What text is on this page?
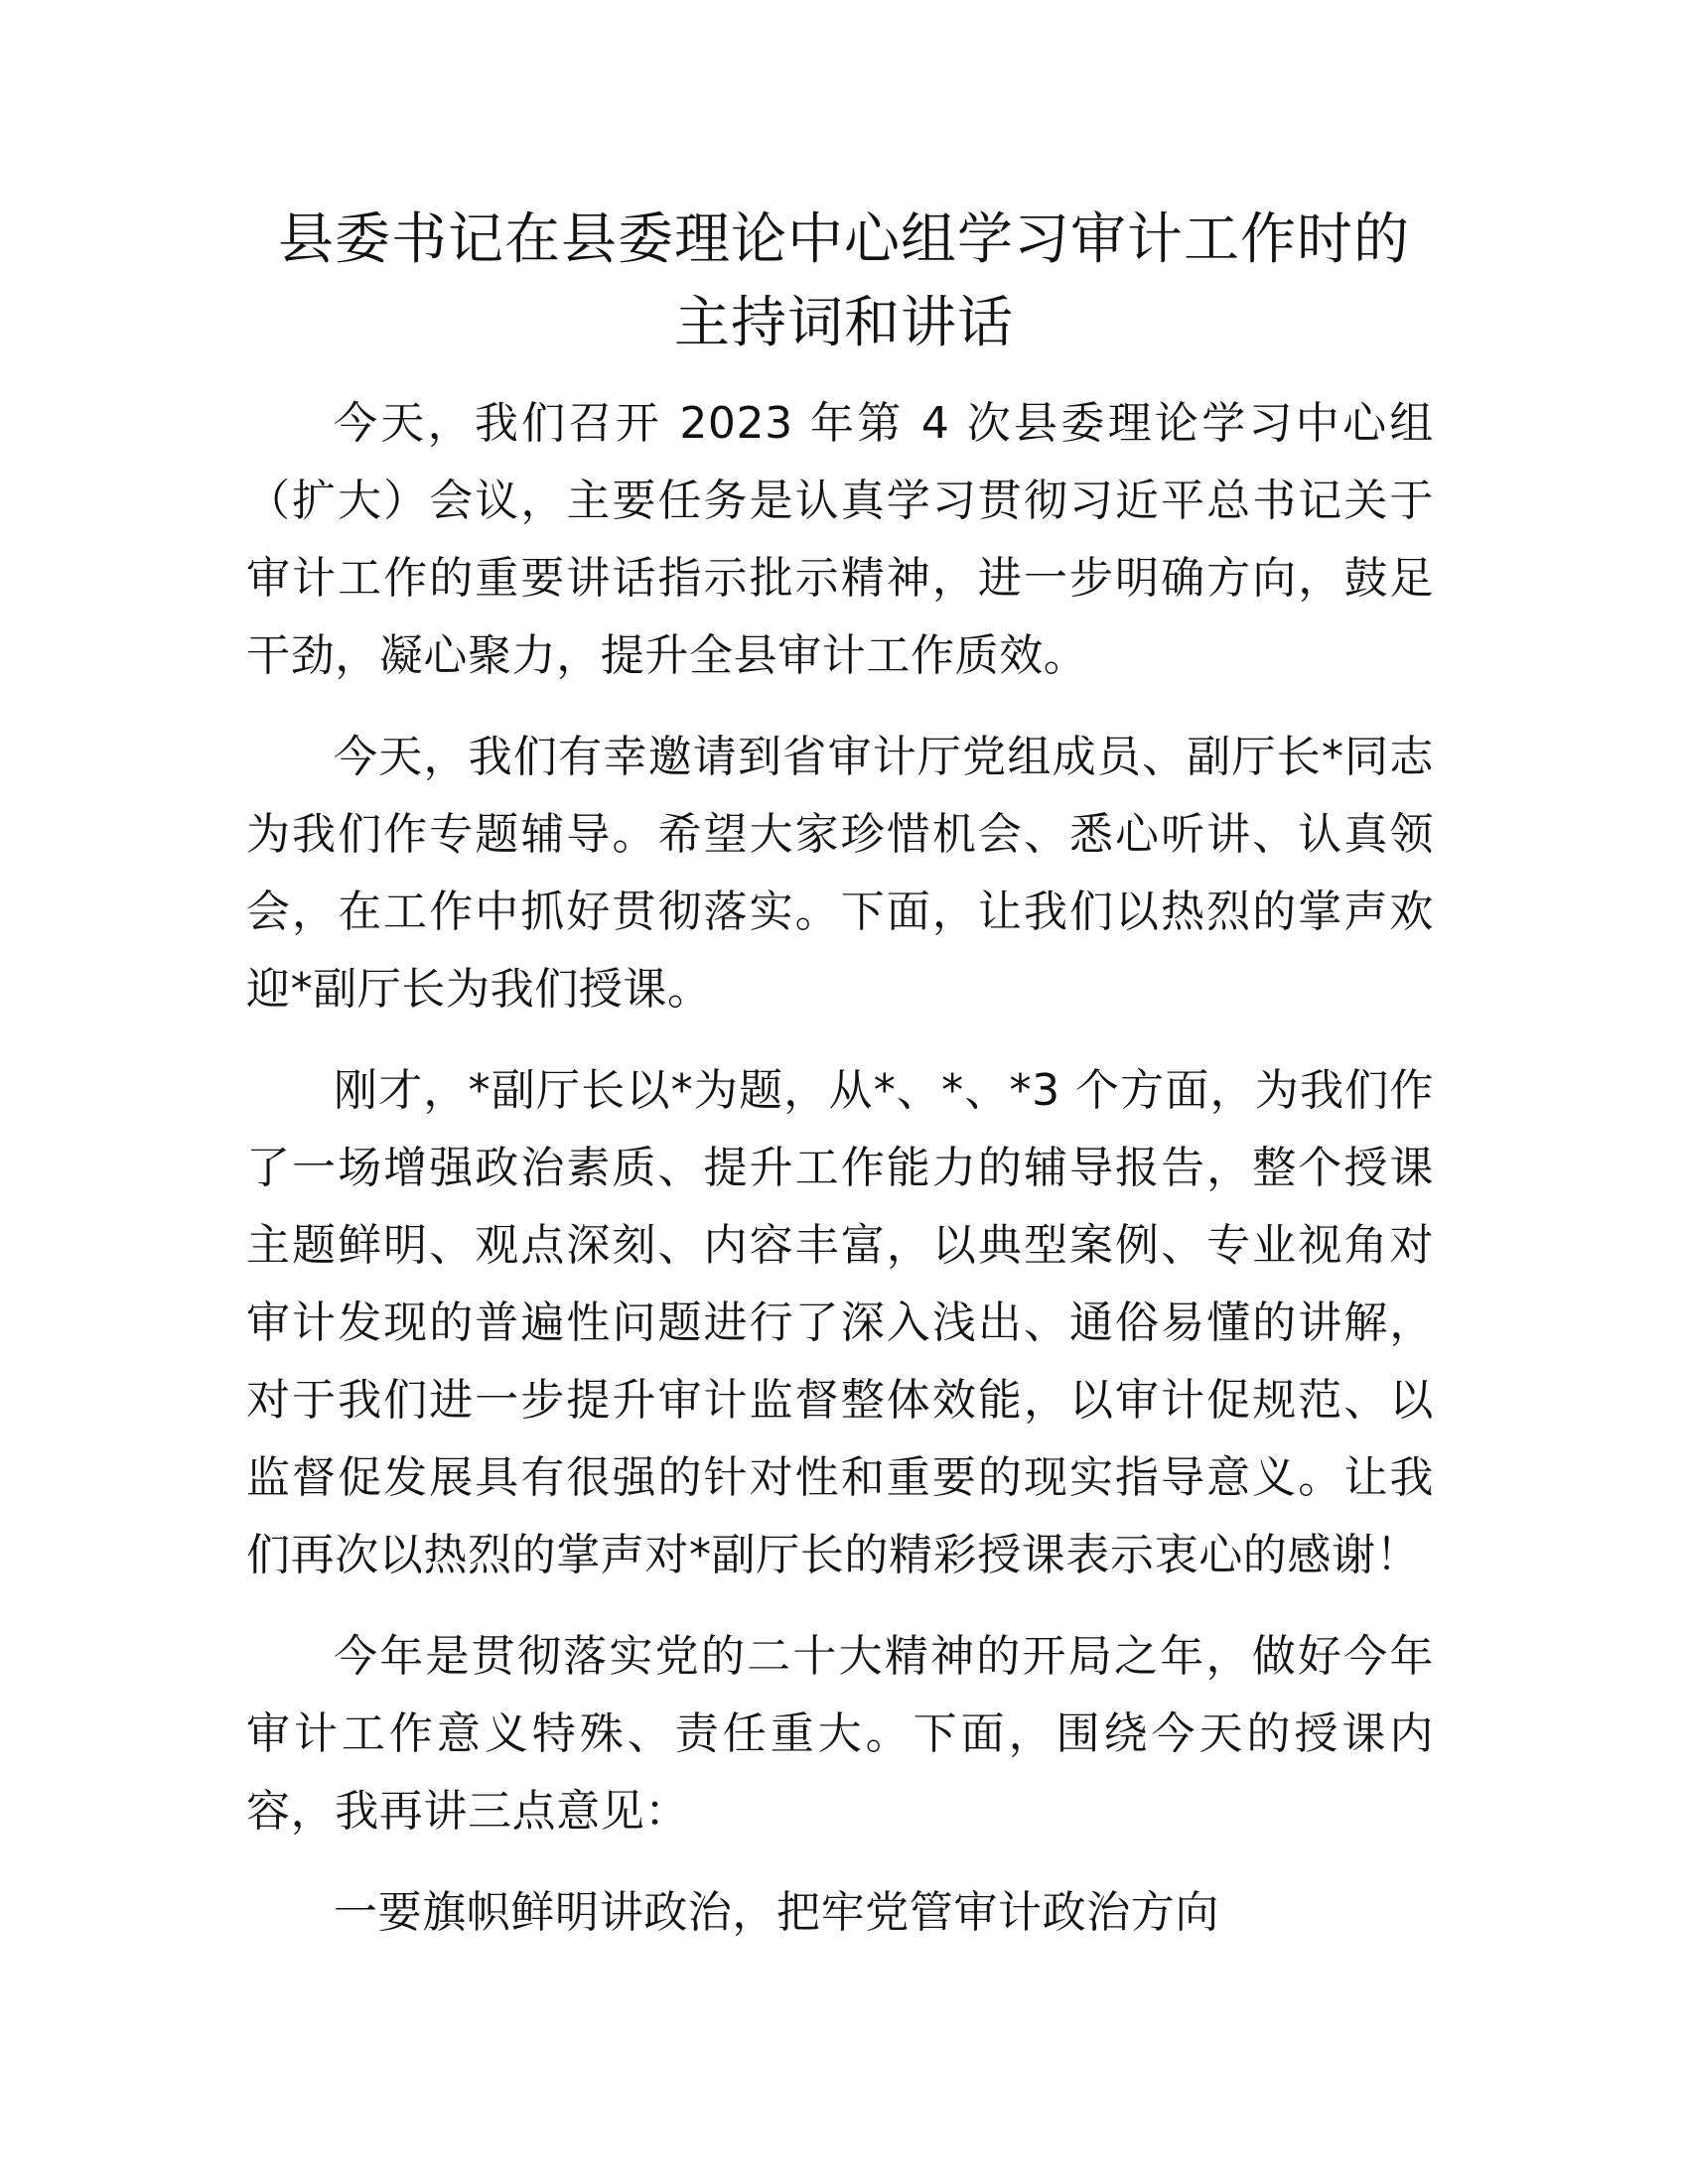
县委书记在县委理论中心组学习审计工作时的
主持词和讲话

今天，我们召开 2023 年第 4 次县委理论学习中心组（扩大）会议，主要任务是认真学习贯彻习近平总书记关于审计工作的重要讲话指示批示精神，进一步明确方向，鼓足干劲，凝心聚力，提升全县审计工作质效。

今天，我们有幸邀请到省审计厅党组成员、副厅长*同志为我们作专题辅导。希望大家珍惜机会、悉心听讲、认真领会，在工作中抓好贯彻落实。下面，让我们以热烈的掌声欢迎*副厅长为我们授课。

刚才，*副厅长以*为题，从*、*、*3 个方面，为我们作了一场增强政治素质、提升工作能力的辅导报告，整个授课主题鲜明、观点深刻、内容丰富，以典型案例、专业视角对审计发现的普遍性问题进行了深入浅出、通俗易懂的讲解，对于我们进一步提升审计监督整体效能，以审计促规范、以监督促发展具有很强的针对性和重要的现实指导意义。让我们再次以热烈的掌声对*副厅长的精彩授课表示衷心的感谢！

今年是贯彻落实党的二十大精神的开局之年，做好今年审计工作意义特殊、责任重大。下面，围绕今天的授课内容，我再讲三点意见：

一要旗帜鲜明讲政治，把牢党管审计政治方向
